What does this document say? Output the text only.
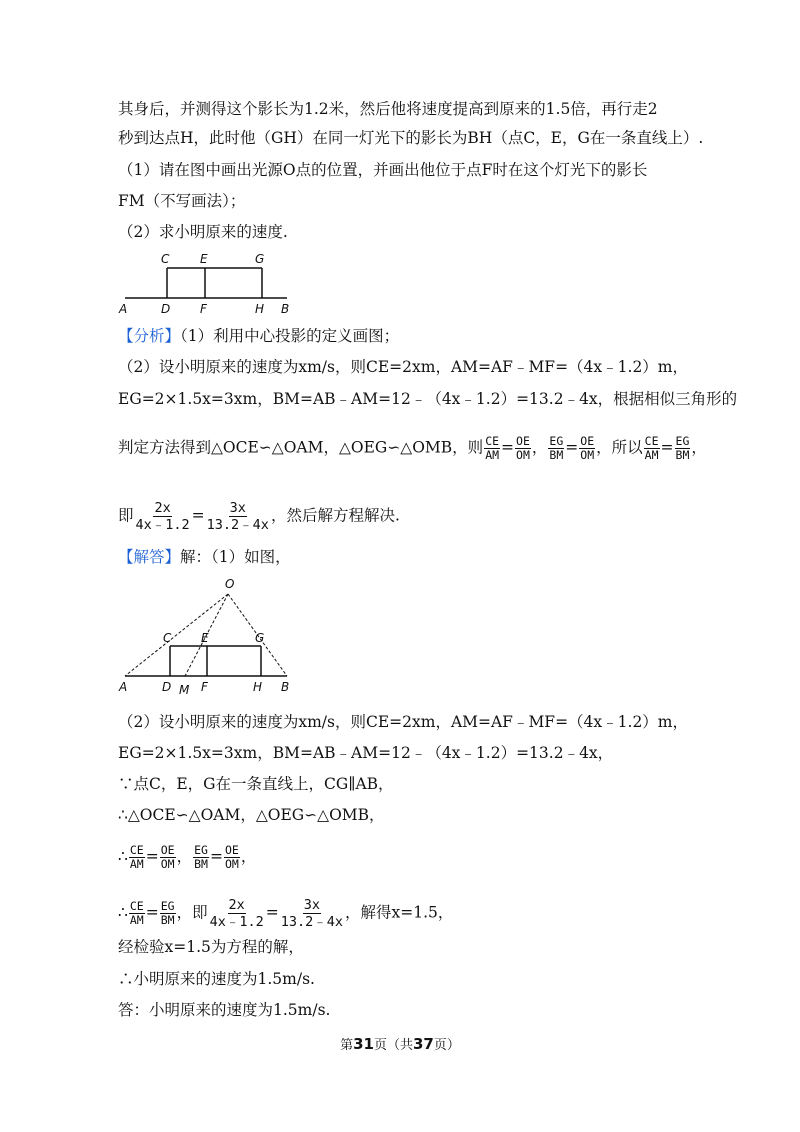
其身后，并测得这个影长为1.2米，然后他将速度提高到原来的1.5倍，再行走2
秒到达点H，此时他（GH）在同一灯光下的影长为BH（点C，E，G在一条直线上）.
（1）请在图中画出光源O点的位置，并画出他位于点F时在这个灯光下的影长
FM（不写画法）；
（2）求小明原来的速度.
C	E	G
A	D F	H B
【分析】（1）利用中心投影的定义画图；
（2）设小明原来的速度为xm/s，则CE=2xm，AM=AF﹣MF=（4x﹣1.2）m，
EG=2×1.5x=3xm，BM=AB﹣AM=12﹣（4x﹣1.2）=13.2﹣4x，根据相似三角形的
判定方法得到△OCE∽△OAM，△OEG∽△OMB，则 $\frac{CE}{AM} = \frac{OE}{OM}$ ， $\frac{EG}{BM} = \frac{OE}{OM}$ ，所以 $\frac{CE}{AM} = \frac{EG}{BM}$ ，
即 $\frac{2x}{4x﹣1.2} = \frac{3x}{13.2﹣4x}$ ，然后解方程解决.
【解答】解：（1）如图，
O
C E	G
A	D M F	H B
（2）设小明原来的速度为xm/s，则CE=2xm，AM=AF﹣MF=（4x﹣1.2）m，
EG=2×1.5x=3xm，BM=AB﹣AM=12﹣（4x﹣1.2）=13.2﹣4x，
∵点C，E，G在一条直线上，CG∥AB，
∴△OCE∽△OAM，△OEG∽△OMB，
∴ $\frac{CE}{AM} = \frac{OE}{OM}$ ， $\frac{EG}{BM} = \frac{OE}{OM}$ ，
∴ $\frac{CE}{AM} = \frac{EG}{BM}$ ，即 $\frac{2x}{4x﹣1.2} = \frac{3x}{13.2﹣4x}$ ，解得x=1.5，
经检验x=1.5为方程的解，
∴小明原来的速度为1.5m/s.
答：小明原来的速度为1.5m/s.
第31页（共37页）
